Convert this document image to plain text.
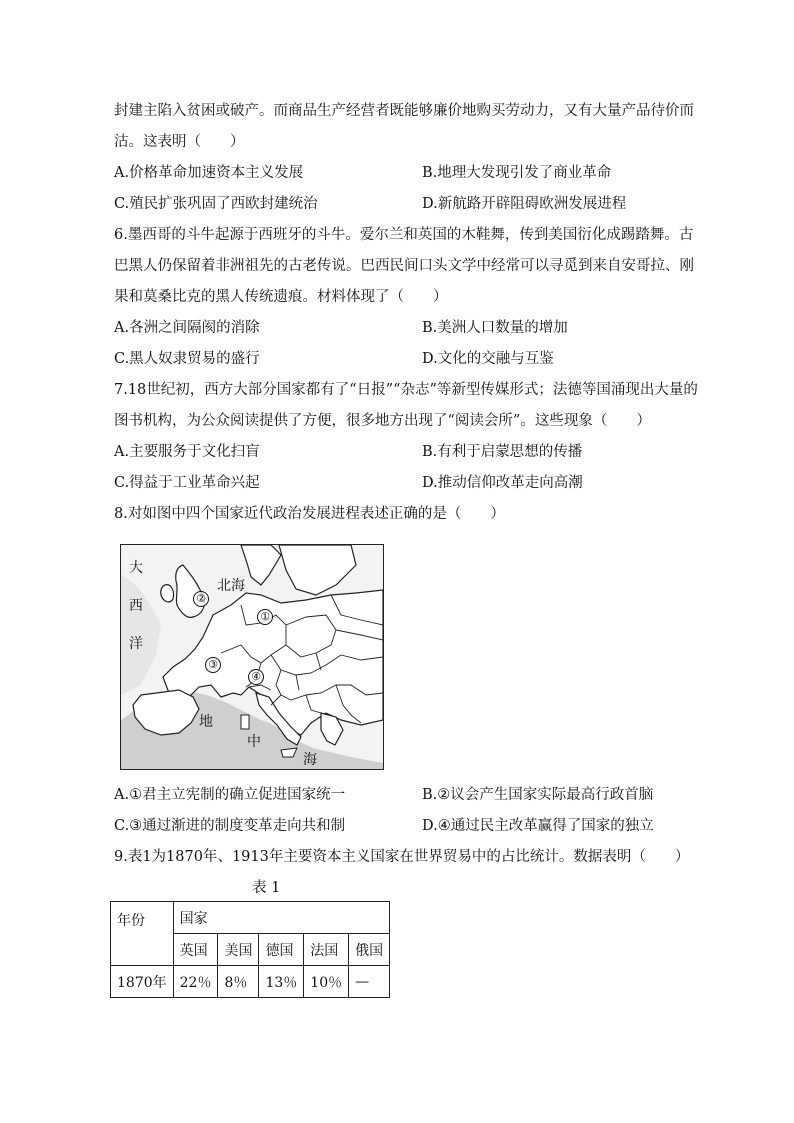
封建主陷入贫困或破产。而商品生产经营者既能够廉价地购买劳动力，又有大量产品待价而
沽。这表明（　　）
A.价格革命加速资本主义发展	B.地理大发现引发了商业革命
C.殖民扩张巩固了西欧封建统治	D.新航路开辟阻碍欧洲发展进程
6.墨西哥的斗牛起源于西班牙的斗牛。爱尔兰和英国的木鞋舞，传到美国衍化成踢踏舞。古
巴黑人仍保留着非洲祖先的古老传说。巴西民间口头文学中经常可以寻觅到来自安哥拉、刚
果和莫桑比克的黑人传统遗痕。材料体现了（　　）
A.各洲之间隔阂的消除	B.美洲人口数量的增加
C.黑人奴隶贸易的盛行	D.文化的交融与互鉴
7.18世纪初，西方大部分国家都有了“日报”“杂志”等新型传媒形式；法德等国涌现出大量的
图书机构，为公众阅读提供了方便，很多地方出现了“阅读会所”。这些现象（　　）
A.主要服务于文化扫盲	B.有利于启蒙思想的传播
C.得益于工业革命兴起	D.推动信仰改革走向高潮
8.对如图中四个国家近代政治发展进程表述正确的是（　　）
大
西
洋
北海
地
中
海
②
①
③
④
A.①君主立宪制的确立促进国家统一	B.②议会产生国家实际最高行政首脑
C.③通过渐进的制度变革走向共和制	D.④通过民主改革赢得了国家的独立
9.表1为1870年、1913年主要资本主义国家在世界贸易中的占比统计。数据表明（　　）
表 1
年份	国家				
	英国	美国	德国	法国	俄国
1870年	22％	8％	13％	10％	—
